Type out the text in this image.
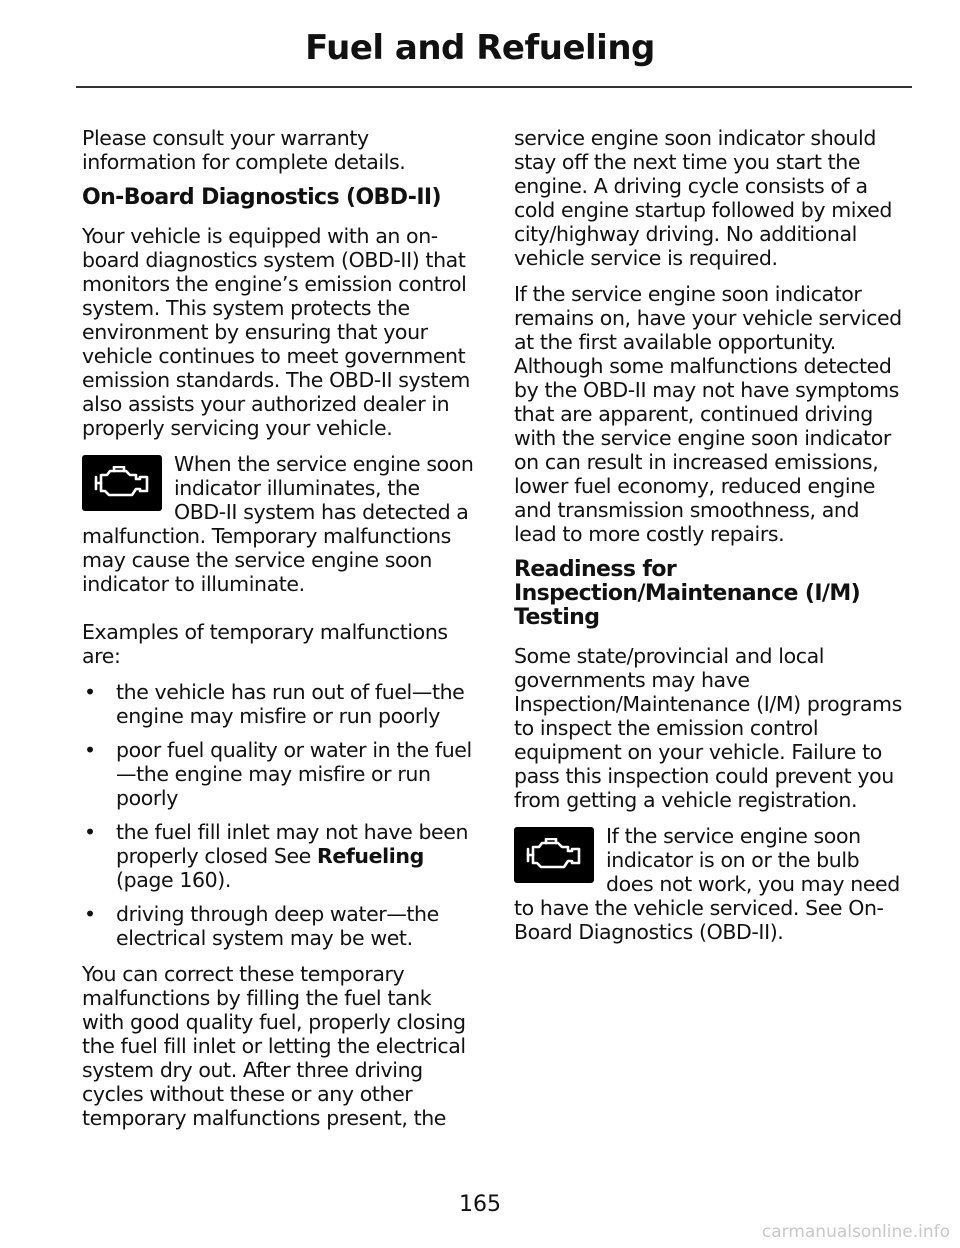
Fuel and Refueling

Please consult your warranty information for complete details.

On-Board Diagnostics (OBD-II)

Your vehicle is equipped with an on-board diagnostics system (OBD-II) that monitors the engine’s emission control system. This system protects the environment by ensuring that your vehicle continues to meet government emission standards. The OBD-II system also assists your authorized dealer in properly servicing your vehicle.

When the service engine soon indicator illuminates, the OBD-II system has detected a malfunction. Temporary malfunctions may cause the service engine soon indicator to illuminate.

Examples of temporary malfunctions are:

• the vehicle has run out of fuel—the engine may misfire or run poorly
• poor fuel quality or water in the fuel—the engine may misfire or run poorly
• the fuel fill inlet may not have been properly closed See Refueling (page 160).
• driving through deep water—the electrical system may be wet.

You can correct these temporary malfunctions by filling the fuel tank with good quality fuel, properly closing the fuel fill inlet or letting the electrical system dry out. After three driving cycles without these or any other temporary malfunctions present, the

service engine soon indicator should stay off the next time you start the engine. A driving cycle consists of a cold engine startup followed by mixed city/highway driving. No additional vehicle service is required.

If the service engine soon indicator remains on, have your vehicle serviced at the first available opportunity. Although some malfunctions detected by the OBD-II may not have symptoms that are apparent, continued driving with the service engine soon indicator on can result in increased emissions, lower fuel economy, reduced engine and transmission smoothness, and lead to more costly repairs.

Readiness for Inspection/Maintenance (I/M) Testing

Some state/provincial and local governments may have Inspection/Maintenance (I/M) programs to inspect the emission control equipment on your vehicle. Failure to pass this inspection could prevent you from getting a vehicle registration.

If the service engine soon indicator is on or the bulb does not work, you may need to have the vehicle serviced. See On-Board Diagnostics (OBD-II).
165
carmanualsonline.info
